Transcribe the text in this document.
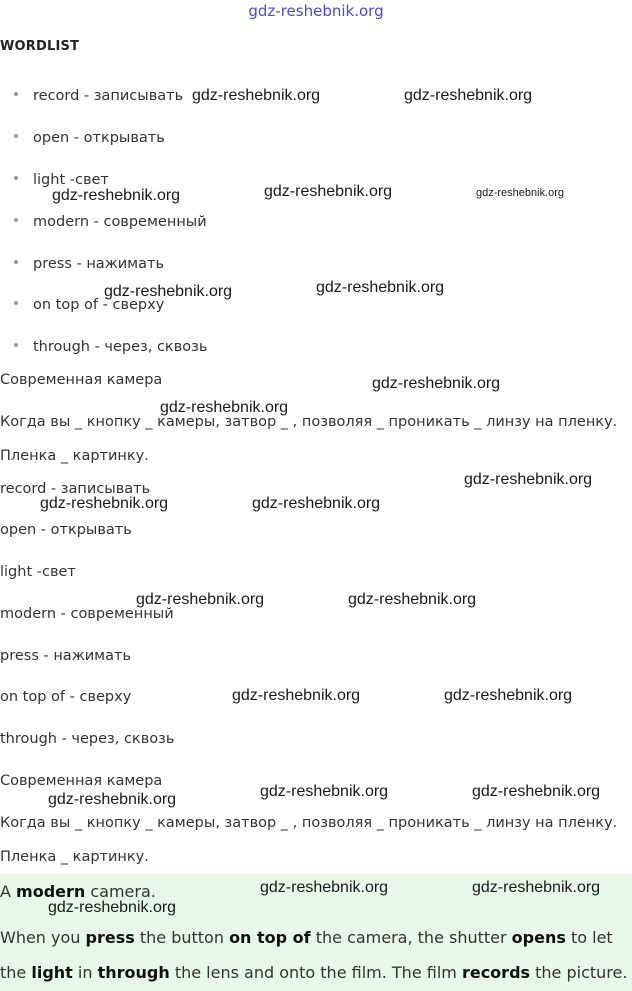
gdz-reshebnik.org
WORDLIST
record - записывать
open - открывать
light -свет
modern - современный
press - нажимать
on top of - сверху
through - через, сквозь
Современная камера
Когда вы _ кнопку _ камеры, затвор _ , позволяя _ проникать _ линзу на пленку.
Пленка _ картинку.
record - записывать
open - открывать
light -свет
modern - современный
press - нажимать
on top of - сверху
through - через, сквозь
Современная камера
Когда вы _ кнопку _ камеры, затвор _ , позволяя _ проникать _ линзу на пленку.
Пленка _ картинку.
A modern camera.
When you press the button on top of the camera, the shutter opens to let
the light in through the lens and onto the film. The film records the picture.
gdz-reshebnik.org	gdz-reshebnik.org
gdz-reshebnik.org	gdz-reshebnik.org	gdz-reshebnik.org
gdz-reshebnik.org	gdz-reshebnik.org
gdz-reshebnik.org
gdz-reshebnik.org
gdz-reshebnik.org
gdz-reshebnik.org	gdz-reshebnik.org
gdz-reshebnik.org	gdz-reshebnik.org
gdz-reshebnik.org	gdz-reshebnik.org
gdz-reshebnik.org	gdz-reshebnik.org	gdz-reshebnik.org
gdz-reshebnik.org	gdz-reshebnik.org
gdz-reshebnik.org
